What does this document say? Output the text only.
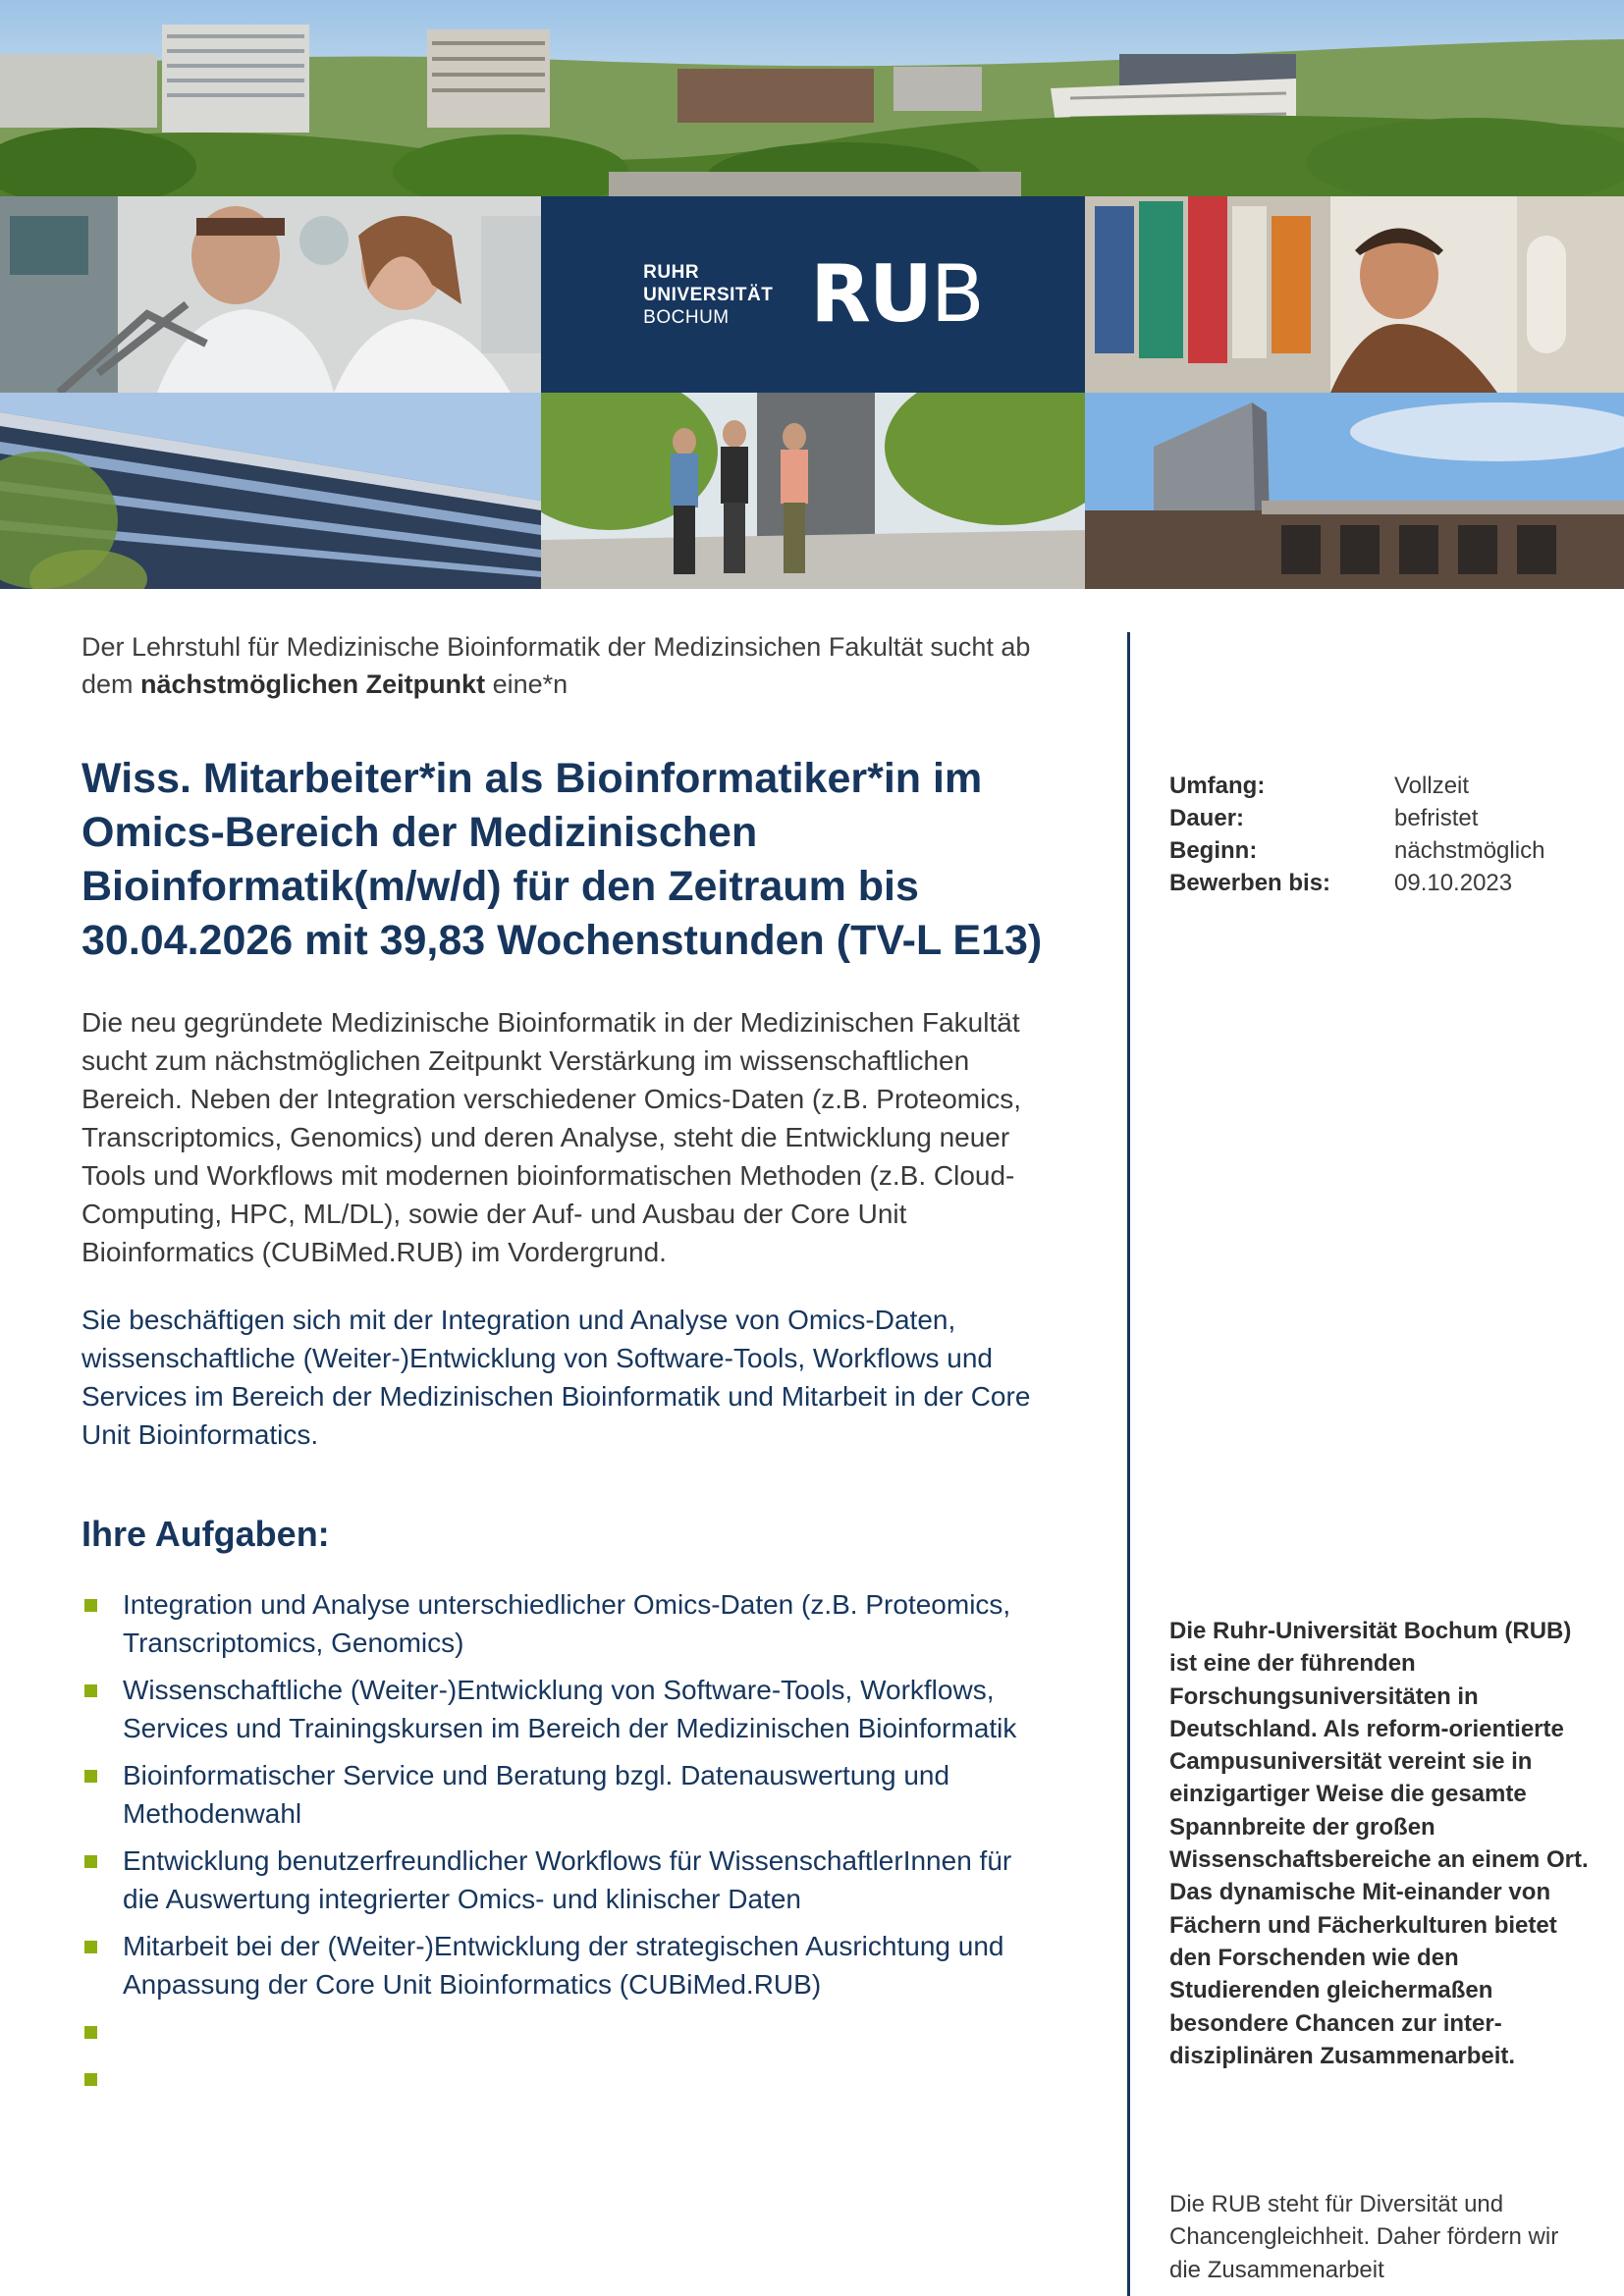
RUHR
UNIVERSITÄT
BOCHUM	RUB

Der Lehrstuhl für Medizinische Bioinformatik der Medizinsichen Fakultät sucht ab dem nächstmöglichen Zeitpunkt eine*n

Wiss. Mitarbeiter*in als Bioinformatiker*in im Omics-Bereich der Medizinischen Bioinformatik(m/w/d) für den Zeitraum bis 30.04.2026 mit 39,83 Wochenstunden (TV-L E13)

Die neu gegründete Medizinische Bioinformatik in der Medizinischen Fakultät sucht zum nächstmöglichen Zeitpunkt Verstärkung im wissenschaftlichen Bereich. Neben der Integration verschiedener Omics-Daten (z.B. Proteomics, Transcriptomics, Genomics) und deren Analyse, steht die Entwicklung neuer Tools und Workflows mit modernen bioinformatischen Methoden (z.B. Cloud-Computing, HPC, ML/DL), sowie der Auf- und Ausbau der Core Unit Bioinformatics (CUBiMed.RUB) im Vordergrund.

Sie beschäftigen sich mit der Integration und Analyse von Omics-Daten, wissenschaftliche (Weiter-)Entwicklung von Software-Tools, Workflows und Services im Bereich der Medizinischen Bioinformatik und Mitarbeit in der Core Unit Bioinformatics.

Ihre Aufgaben:
Integration und Analyse unterschiedlicher Omics-Daten (z.B. Proteomics, Transcriptomics, Genomics)
Wissenschaftliche (Weiter-)Entwicklung von Software-Tools, Workflows, Services und Trainingskursen im Bereich der Medizinischen Bioinformatik
Bioinformatischer Service und Beratung bzgl. Datenauswertung und Methodenwahl
Entwicklung benutzerfreundlicher Workflows für WissenschaftlerInnen für die Auswertung integrierter Omics- und klinischer Daten
Mitarbeit bei der (Weiter-)Entwicklung der strategischen Ausrichtung und Anpassung der Core Unit Bioinformatics (CUBiMed.RUB)
Umfang:	Vollzeit
Dauer:	befristet
Beginn:	nächstmöglich
Bewerben bis:	09.10.2023

Die Ruhr-Universität Bochum (RUB) ist eine der führenden Forschungsuniversitäten in Deutschland. Als reform-orientierte Campusuniversität vereint sie in einzigartiger Weise die gesamte Spannbreite der großen Wissenschaftsbereiche an einem Ort. Das dynamische Mit-einander von Fächern und Fächerkulturen bietet den Forschenden wie den Studierenden gleichermaßen besondere Chancen zur inter-disziplinären Zusammenarbeit.

Die RUB steht für Diversität und Chancengleichheit. Daher fördern wir die Zusammenarbeit
